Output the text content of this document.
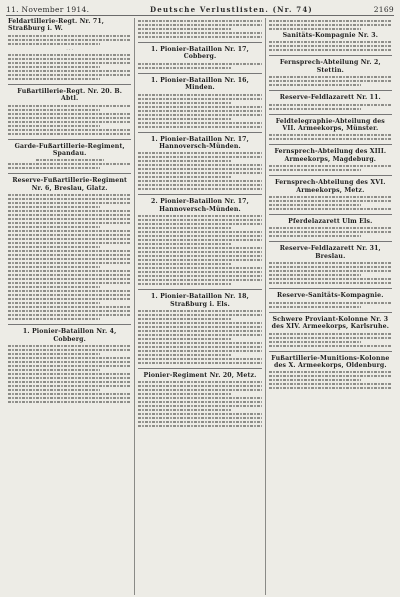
11. November 1914.	Deutsche Verlustlisten. (Nr. 74)	2169
Feldartillerie-Regt. Nr. 71, Straßburg i. W.
· · ·
Fußartillerie-Regt. Nr. 20. B. Abtl.
Garde-Fußartillerie-Regiment, Spandau.
Reserve-Fußartillerie-Regiment Nr. 6, Breslau, Glatz.
1. Pionier-Bataillon Nr. 4, Cobberg.
1. Pionier-Bataillon Nr. 17, Cobberg.
1. Pionier-Bataillon Nr. 16, Minden.
1. Pionier-Bataillon Nr. 17, Hannoversch-Münden.
2. Pionier-Bataillon Nr. 17, Hannoversch-Münden.
1. Pionier-Bataillon Nr. 18, Straßburg i. Els.
Pionier-Regiment Nr. 20, Metz.
Sanitäts-Kompagnie Nr. 3.
Fernsprech-Abteilung Nr. 2, Stettin.
Reserve-Feldlazarett Nr. 11.
Feldtelegraphie-Abteilung des VII. Armeekorps, Münster.
Fernsprech-Abteilung des XIII. Armeekorps, Magdeburg.
Fernsprech-Abteilung des XVI. Armeekorps, Metz.
Pferdelazarett Ulm Els.
Reserve-Feldlazarett Nr. 31, Breslau.
Reserve-Sanitäts-Kompagnie.
Schwere Proviant-Kolonne Nr. 3 des XIV. Armeekorps, Karlsruhe.
Fußartillerie-Munitions-Kolonne des X. Armeekorps, Oldenburg.
